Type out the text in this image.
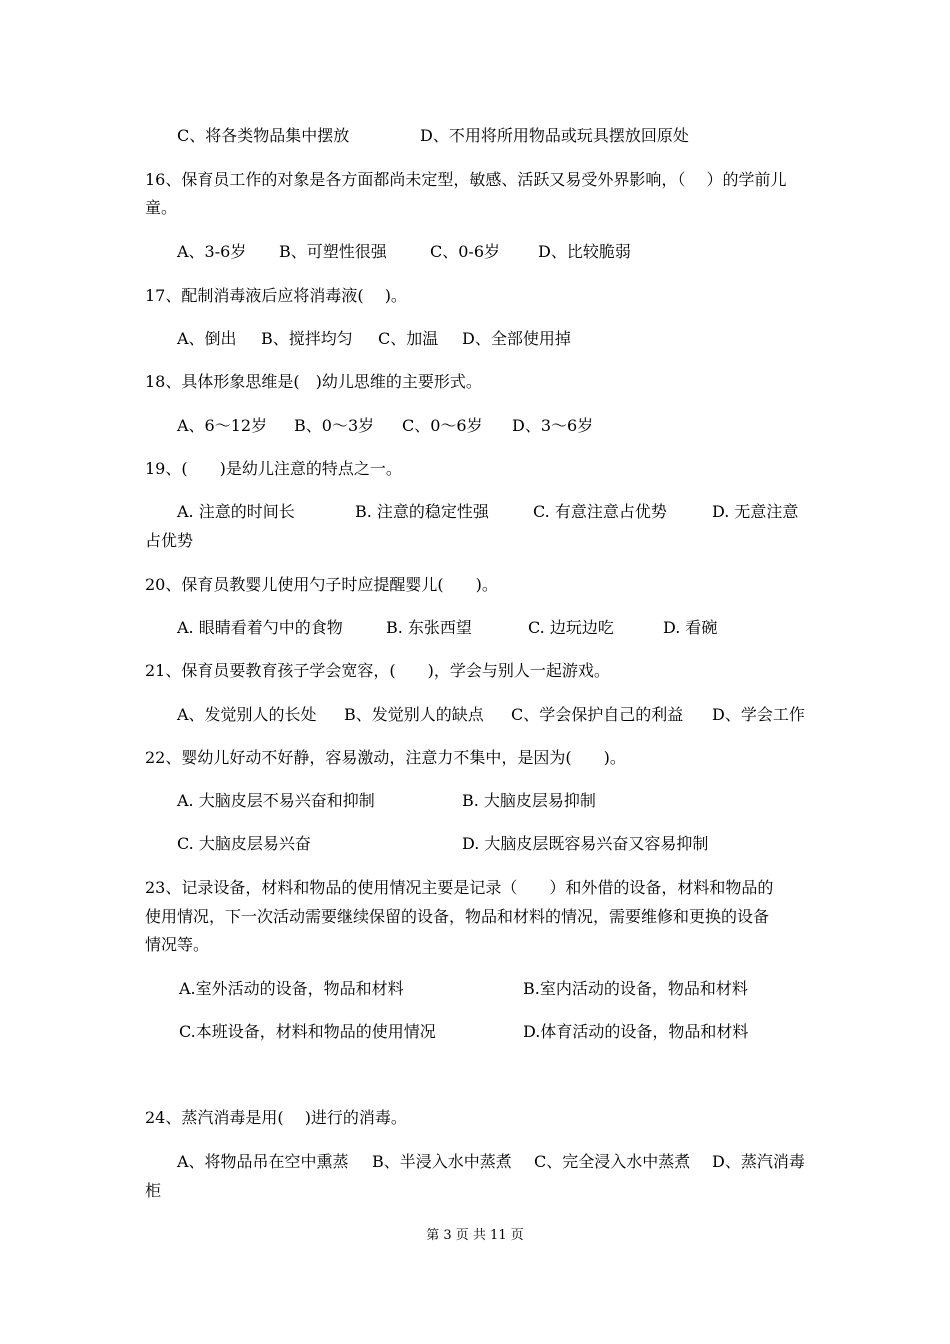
C、将各类物品集中摆放	D、不用将所用物品或玩具摆放回原处

16、保育员工作的对象是各方面都尚未定型，敏感、活跃又易受外界影响，（　 ）的学前儿

童。

A、3-6岁 B、可塑性很强	C、0-6岁 D、比较脆弱

17、配制消毒液后应将消毒液(　 )。

A、倒出 B、搅拌均匀 C、加温 D、全部使用掉

18、具体形象思维是(　)幼儿思维的主要形式。

A、6～12岁 B、0～3岁 C、0～6岁 D、3～6岁

19、(　　)是幼儿注意的特点之一。

A. 注意的时间长	B. 注意的稳定性强	C. 有意注意占优势	D. 无意注意

占优势

20、保育员教婴儿使用勺子时应提醒婴儿(　　)。

A. 眼睛看着勺中的食物	B. 东张西望	C. 边玩边吃	D. 看碗

21、保育员要教育孩子学会宽容，(　　)，学会与别人一起游戏。

A、发觉别人的长处 B、发觉别人的缺点 C、学会保护自己的利益 D、学会工作

22、婴幼儿好动不好静，容易激动，注意力不集中，是因为(　　)。

A. 大脑皮层不易兴奋和抑制	B. 大脑皮层易抑制
C. 大脑皮层易兴奋	D. 大脑皮层既容易兴奋又容易抑制

23、记录设备，材料和物品的使用情况主要是记录（　　）和外借的设备，材料和物品的

使用情况，下一次活动需要继续保留的设备，物品和材料的情况，需要维修和更换的设备

情况等。

A.室外活动的设备，物品和材料	B.室内活动的设备，物品和材料
C.本班设备，材料和物品的使用情况	D.体育活动的设备，物品和材料

24、蒸汽消毒是用(　 )进行的消毒。

A、将物品吊在空中熏蒸 B、半浸入水中蒸煮 C、完全浸入水中蒸煮 D、蒸汽消毒

柜

第 3 页 共 11 页
